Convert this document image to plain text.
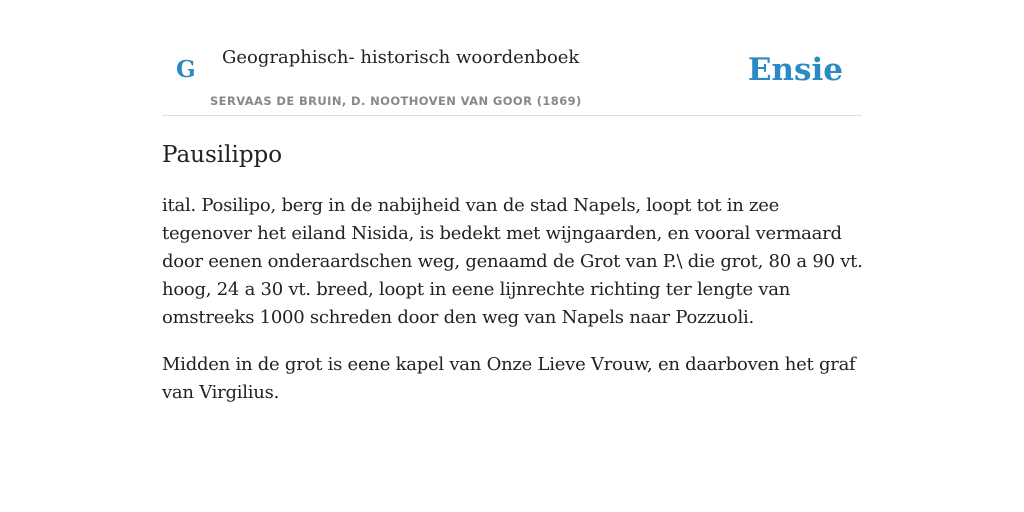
G Geographisch- historisch woordenboek
SERVAAS DE BRUIN, D. NOOTHOVEN VAN GOOR (1869)
Ensie
Pausilippo

ital. Posilipo, berg in de nabijheid van de stad Napels, loopt tot in zee tegenover het eiland Nisida, is bedekt met wijngaarden, en vooral vermaard door eenen onderaardschen weg, genaamd de Grot van P.\ die grot, 80 a 90 vt. hoog, 24 a 30 vt. breed, loopt in eene lijnrechte richting ter lengte van omstreeks 1000 schreden door den weg van Napels naar Pozzuoli.

Midden in de grot is eene kapel van Onze Lieve Vrouw, en daarboven het graf van Virgilius.
